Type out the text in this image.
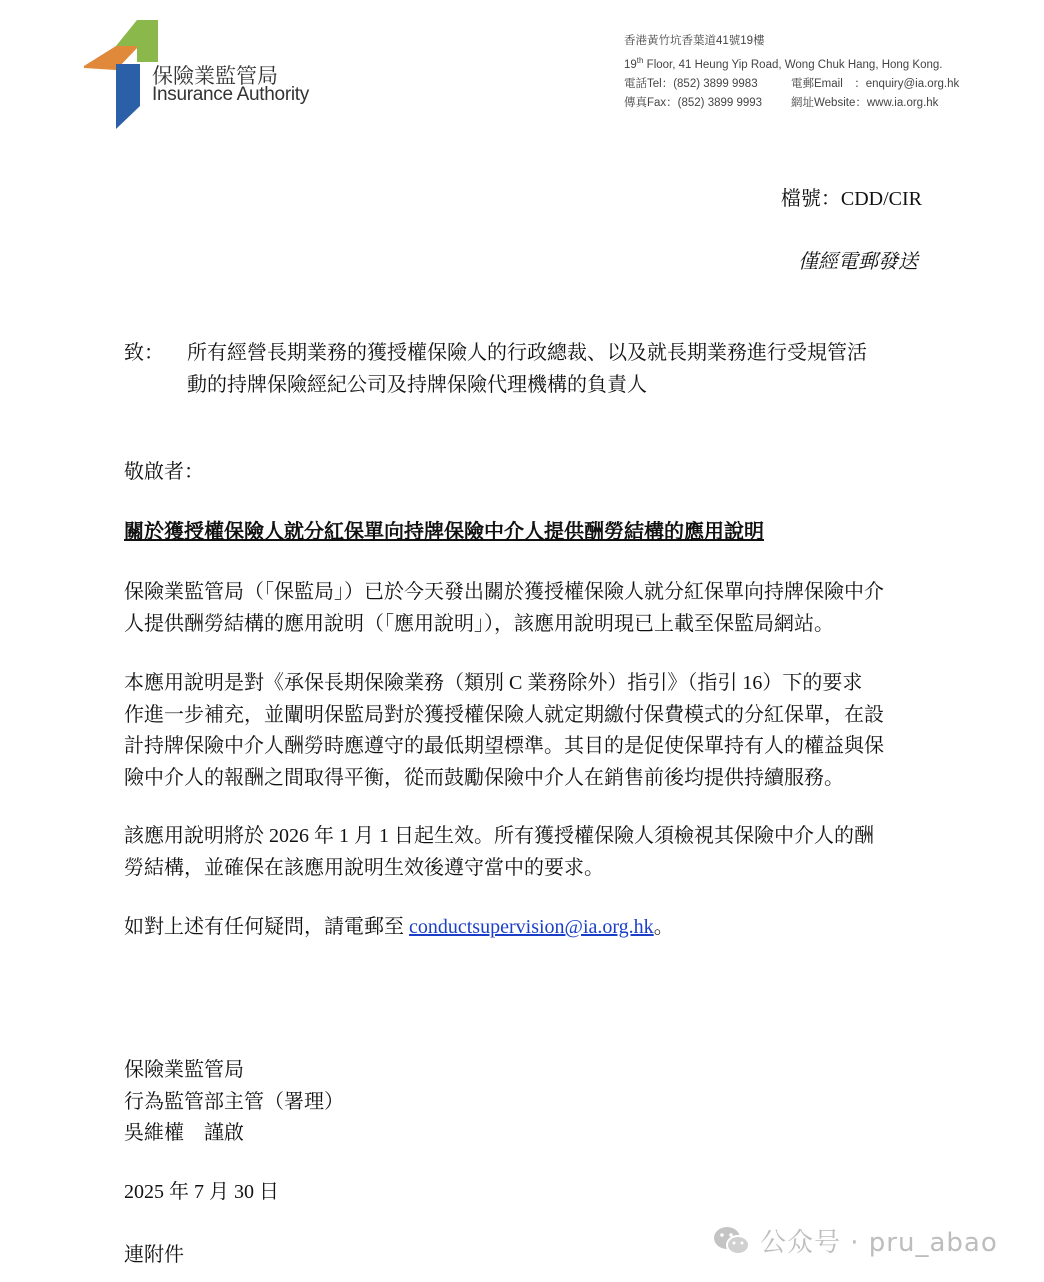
保險業監管局
Insurance Authority
香港黃竹坑香葉道41號19樓
19th Floor, 41 Heung Yip Road, Wong Chuk Hang, Hong Kong.
電話Tel：(852) 3899 9983	電郵Email　：enquiry@ia.org.hk
傳真Fax：(852) 3899 9993	網址Website：www.ia.org.hk
檔號：CDD/CIR
僅經電郵發送
致： 所有經營長期業務的獲授權保險人的行政總裁、以及就長期業務進行受規管活
動的持牌保險經紀公司及持牌保險代理機構的負責人
敬啟者：
關於獲授權保險人就分紅保單向持牌保險中介人提供酬勞結構的應用說明
保險業監管局（「保監局」）已於今天發出關於獲授權保險人就分紅保單向持牌保險中介
人提供酬勞結構的應用說明（「應用說明」），該應用說明現已上載至保監局網站。
本應用說明是對《承保長期保險業務（類別 C 業務除外）指引》（指引 16）下的要求
作進一步補充，並闡明保監局對於獲授權保險人就定期繳付保費模式的分紅保單，在設
計持牌保險中介人酬勞時應遵守的最低期望標準。其目的是促使保單持有人的權益與保
險中介人的報酬之間取得平衡，從而鼓勵保險中介人在銷售前後均提供持續服務。
該應用說明將於 2026 年 1 月 1 日起生效。所有獲授權保險人須檢視其保險中介人的酬
勞結構，並確保在該應用說明生效後遵守當中的要求。
如對上述有任何疑問，請電郵至 conductsupervision@ia.org.hk。
保險業監管局
行為監管部主管（署理）
吳維權　謹啟
2025 年 7 月 30 日
連附件	公众号 · pru_abao
